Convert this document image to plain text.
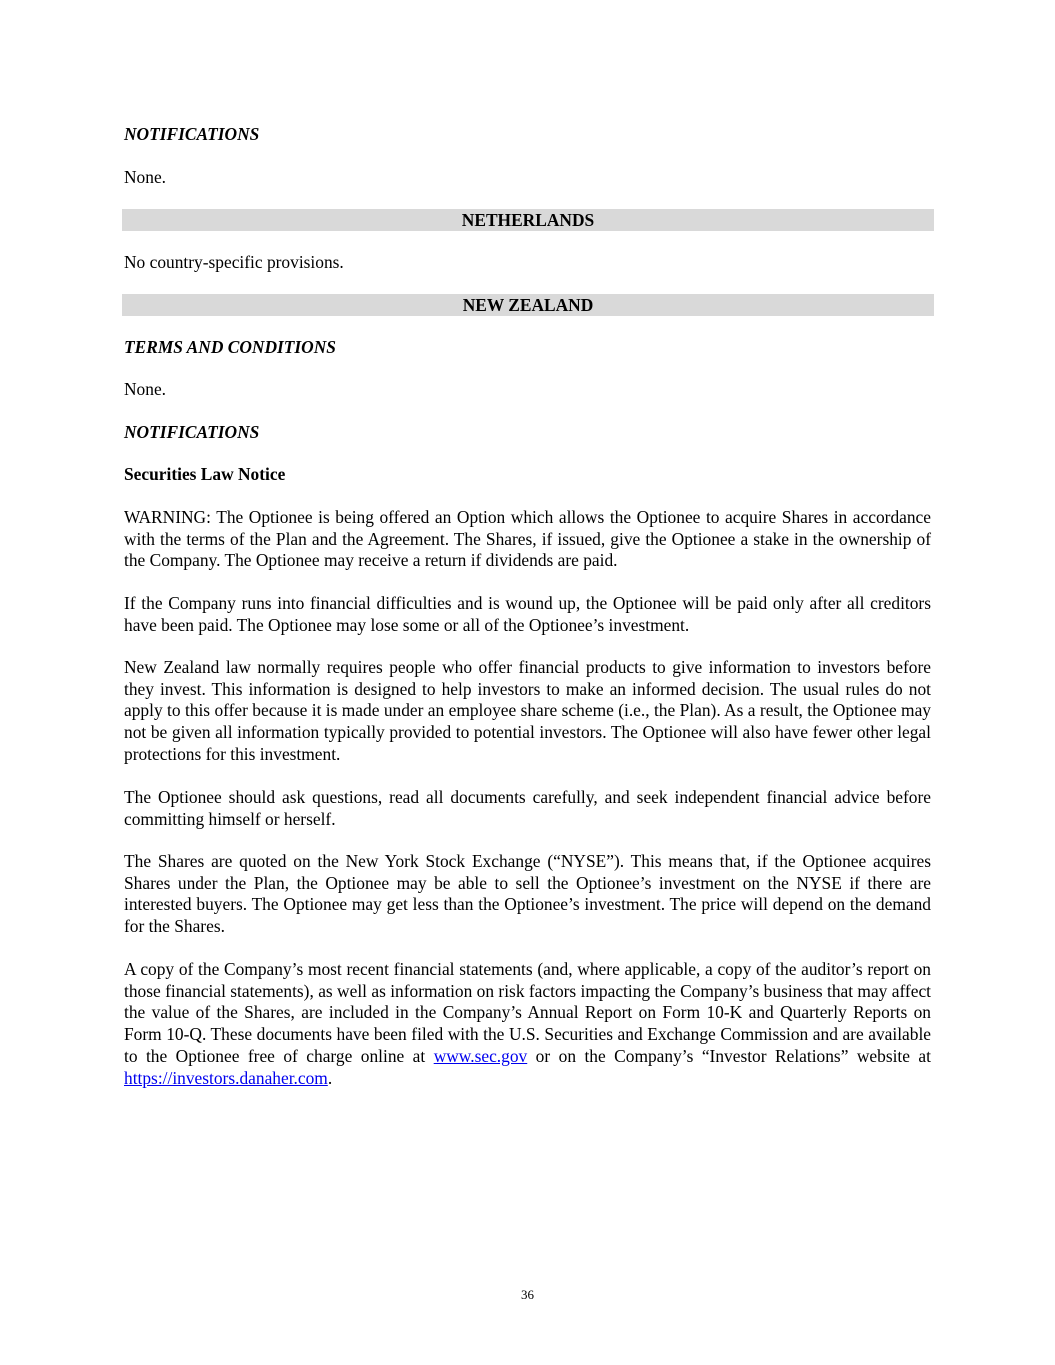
NOTIFICATIONS

None.

NETHERLANDS

No country-specific provisions.

NEW ZEALAND

TERMS AND CONDITIONS

None.

NOTIFICATIONS

Securities Law Notice

WARNING: The Optionee is being offered an Option which allows the Optionee to acquire Shares in accordance with the terms of the Plan and the Agreement. The Shares, if issued, give the Optionee a stake in the ownership of the Company. The Optionee may receive a return if dividends are paid.

If the Company runs into financial difficulties and is wound up, the Optionee will be paid only after all creditors have been paid. The Optionee may lose some or all of the Optionee’s investment.

New Zealand law normally requires people who offer financial products to give information to investors before they invest. This information is designed to help investors to make an informed decision. The usual rules do not apply to this offer because it is made under an employee share scheme (i.e., the Plan). As a result, the Optionee may not be given all information typically provided to potential investors. The Optionee will also have fewer other legal protections for this investment.

The Optionee should ask questions, read all documents carefully, and seek independent financial advice before committing himself or herself.

The Shares are quoted on the New York Stock Exchange (“NYSE”). This means that, if the Optionee acquires Shares under the Plan, the Optionee may be able to sell the Optionee’s investment on the NYSE if there are interested buyers. The Optionee may get less than the Optionee’s investment. The price will depend on the demand for the Shares.

A copy of the Company’s most recent financial statements (and, where applicable, a copy of the auditor’s report on those financial statements), as well as information on risk factors impacting the Company’s business that may affect the value of the Shares, are included in the Company’s Annual Report on Form 10-K and Quarterly Reports on Form 10-Q. These documents have been filed with the U.S. Securities and Exchange Commission and are available to the Optionee free of charge online at www.sec.gov or on the Company’s “Investor Relations” website at https://investors.danaher.com.

36
